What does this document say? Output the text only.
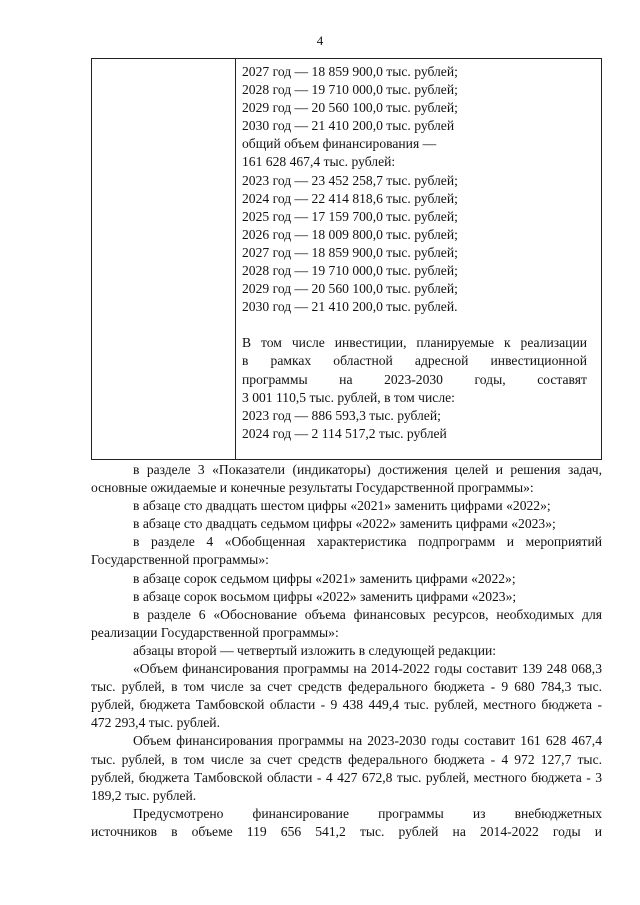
4
2027 год — 18 859 900,0 тыс. рублей;
2028 год — 19 710 000,0 тыс. рублей;
2029 год — 20 560 100,0 тыс. рублей;
2030 год — 21 410 200,0 тыс. рублей
общий объем финансирования —
161 628 467,4 тыс. рублей:
2023 год — 23 452 258,7 тыс. рублей;
2024 год — 22 414 818,6 тыс. рублей;
2025 год — 17 159 700,0 тыс. рублей;
2026 год — 18 009 800,0 тыс. рублей;
2027 год — 18 859 900,0 тыс. рублей;
2028 год — 19 710 000,0 тыс. рублей;
2029 год — 20 560 100,0 тыс. рублей;
2030 год — 21 410 200,0 тыс. рублей.
В том числе инвестиции, планируемые к реализации
в рамках областной адресной инвестиционной
программы на 2023-2030 годы, составят
3 001 110,5 тыс. рублей, в том числе:
2023 год — 886 593,3 тыс. рублей;
2024 год — 2 114 517,2 тыс. рублей

в разделе 3 «Показатели (индикаторы) достижения целей и решения задач, основные ожидаемые и конечные результаты Государственной программы»:

в абзаце сто двадцать шестом цифры «2021» заменить цифрами «2022»;

в абзаце сто двадцать седьмом цифры «2022» заменить цифрами «2023»;

в разделе 4 «Обобщенная характеристика подпрограмм и мероприятий Государственной программы»:

в абзаце сорок седьмом цифры «2021» заменить цифрами «2022»;

в абзаце сорок восьмом цифры «2022» заменить цифрами «2023»;

в разделе 6 «Обоснование объема финансовых ресурсов, необходимых для реализации Государственной программы»:

абзацы второй — четвертый изложить в следующей редакции:

«Объем финансирования программы на 2014-2022 годы составит 139 248 068,3 тыс. рублей, в том числе за счет средств федерального бюджета - 9 680 784,3 тыс. рублей, бюджета Тамбовской области - 9 438 449,4 тыс. рублей, местного бюджета - 472 293,4 тыс. рублей.

Объем финансирования программы на 2023-2030 годы составит 161 628 467,4 тыс. рублей, в том числе за счет средств федерального бюджета - 4 972 127,7 тыс. рублей, бюджета Тамбовской области - 4 427 672,8 тыс. рублей, местного бюджета - 3 189,2 тыс. рублей.

Предусмотрено финансирование программы из внебюджетных

источников в объеме 119 656 541,2 тыс. рублей на 2014-2022 годы и
